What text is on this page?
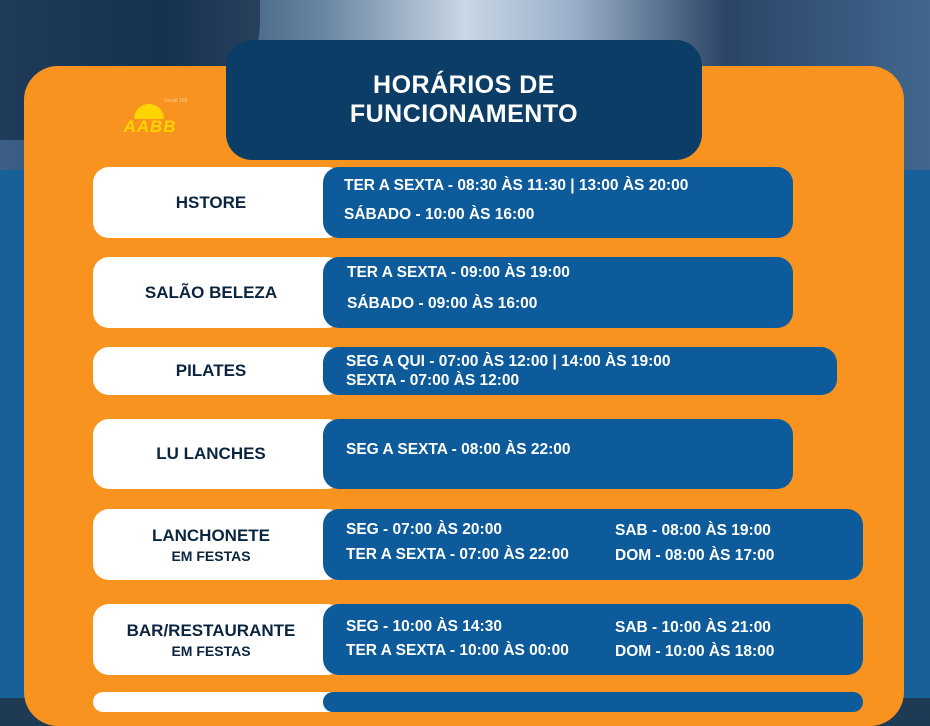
Social 100
AABB
HORÁRIOS DE
FUNCIONAMENTO
HSTORE
TER A SEXTA - 08:30 ÀS 11:30 | 13:00 ÀS 20:00
SÁBADO - 10:00 ÀS 16:00
SALÃO BELEZA
TER A SEXTA - 09:00 ÀS 19:00
SÁBADO - 09:00 ÀS 16:00
PILATES	SEG A QUI - 07:00 ÀS 12:00 | 14:00 ÀS 19:00
SEXTA - 07:00 ÀS 12:00
LU LANCHES	SEG A SEXTA - 08:00 ÀS 22:00
LANCHONETE
EM FESTAS
SEG - 07:00 ÀS 20:00
TER A SEXTA - 07:00 ÀS 22:00
SAB - 08:00 ÀS 19:00
DOM - 08:00 ÀS 17:00
BAR/RESTAURANTE
EM FESTAS
SEG - 10:00 ÀS 14:30
TER A SEXTA - 10:00 ÀS 00:00
SAB - 10:00 ÀS 21:00
DOM - 10:00 ÀS 18:00
